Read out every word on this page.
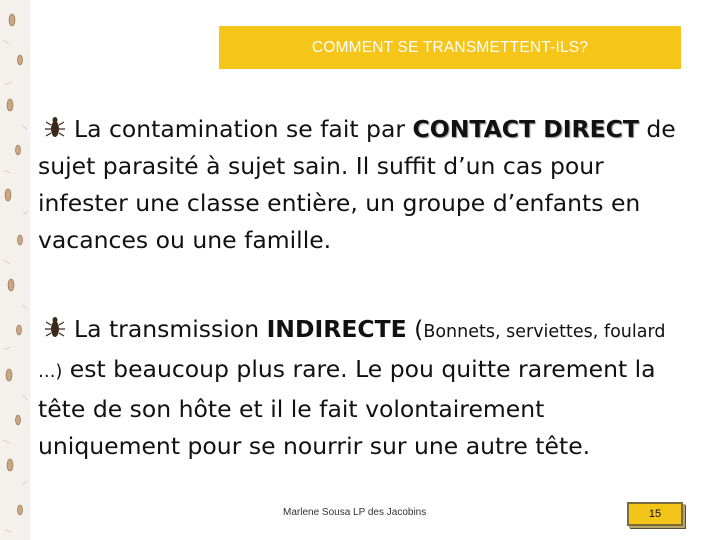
COMMENT SE TRANSMETTENT-ILS?
La contamination se fait par CONTACT DIRECT de sujet parasité à sujet sain. Il suffit d’un cas pour infester une classe entière, un groupe d’enfants en vacances ou une famille.
La transmission INDIRECTE (Bonnets, serviettes, foulard …) est beaucoup plus rare. Le pou quitte rarement la tête de son hôte et il le fait volontairement uniquement pour se nourrir sur une autre tête.
Marlene Sousa LP des Jacobins	15
